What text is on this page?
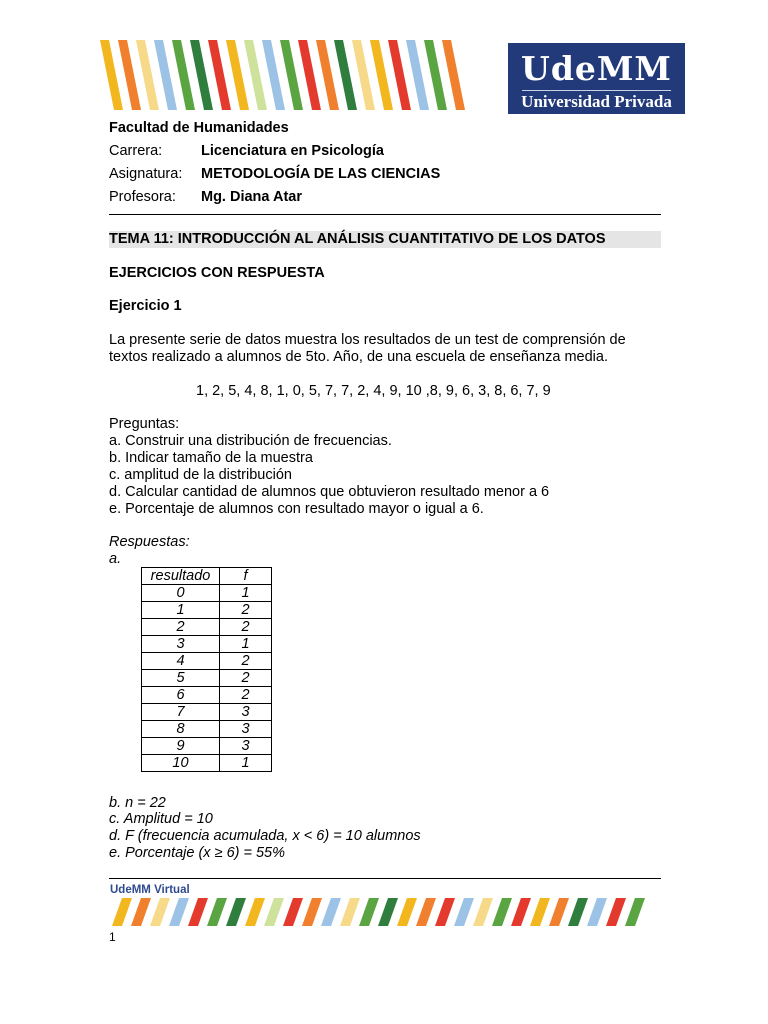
UdeMM
Universidad Privada
Facultad de Humanidades
Carrera:	Licenciatura en Psicología
Asignatura: METODOLOGÍA DE LAS CIENCIAS
Profesora: Mg. Diana Atar
TEMA 11: INTRODUCCIÓN AL ANÁLISIS CUANTITATIVO DE LOS DATOS
EJERCICIOS CON RESPUESTA
Ejercicio 1
La presente serie de datos muestra los resultados de un test de comprensión de
textos realizado a alumnos de 5to. Año, de una escuela de enseñanza media.
1, 2, 5, 4, 8, 1, 0, 5, 7, 7, 2, 4, 9, 10 ,8, 9, 6, 3, 8, 6, 7, 9
Preguntas:
a. Construir una distribución de frecuencias.
b. Indicar tamaño de la muestra
c. amplitud de la distribución
d. Calcular cantidad de alumnos que obtuvieron resultado menor a 6
e. Porcentaje de alumnos con resultado mayor o igual a 6.
Respuestas:
a.
resultado	f
0	1
1	2
2	2
3	1
4	2
5	2
6	2
7	3
8	3
9	3
10	1
b. n = 22
c. Amplitud = 10
d. F (frecuencia acumulada, x < 6) = 10 alumnos
e. Porcentaje (x ≥ 6) = 55%
UdeMM Virtual
1
